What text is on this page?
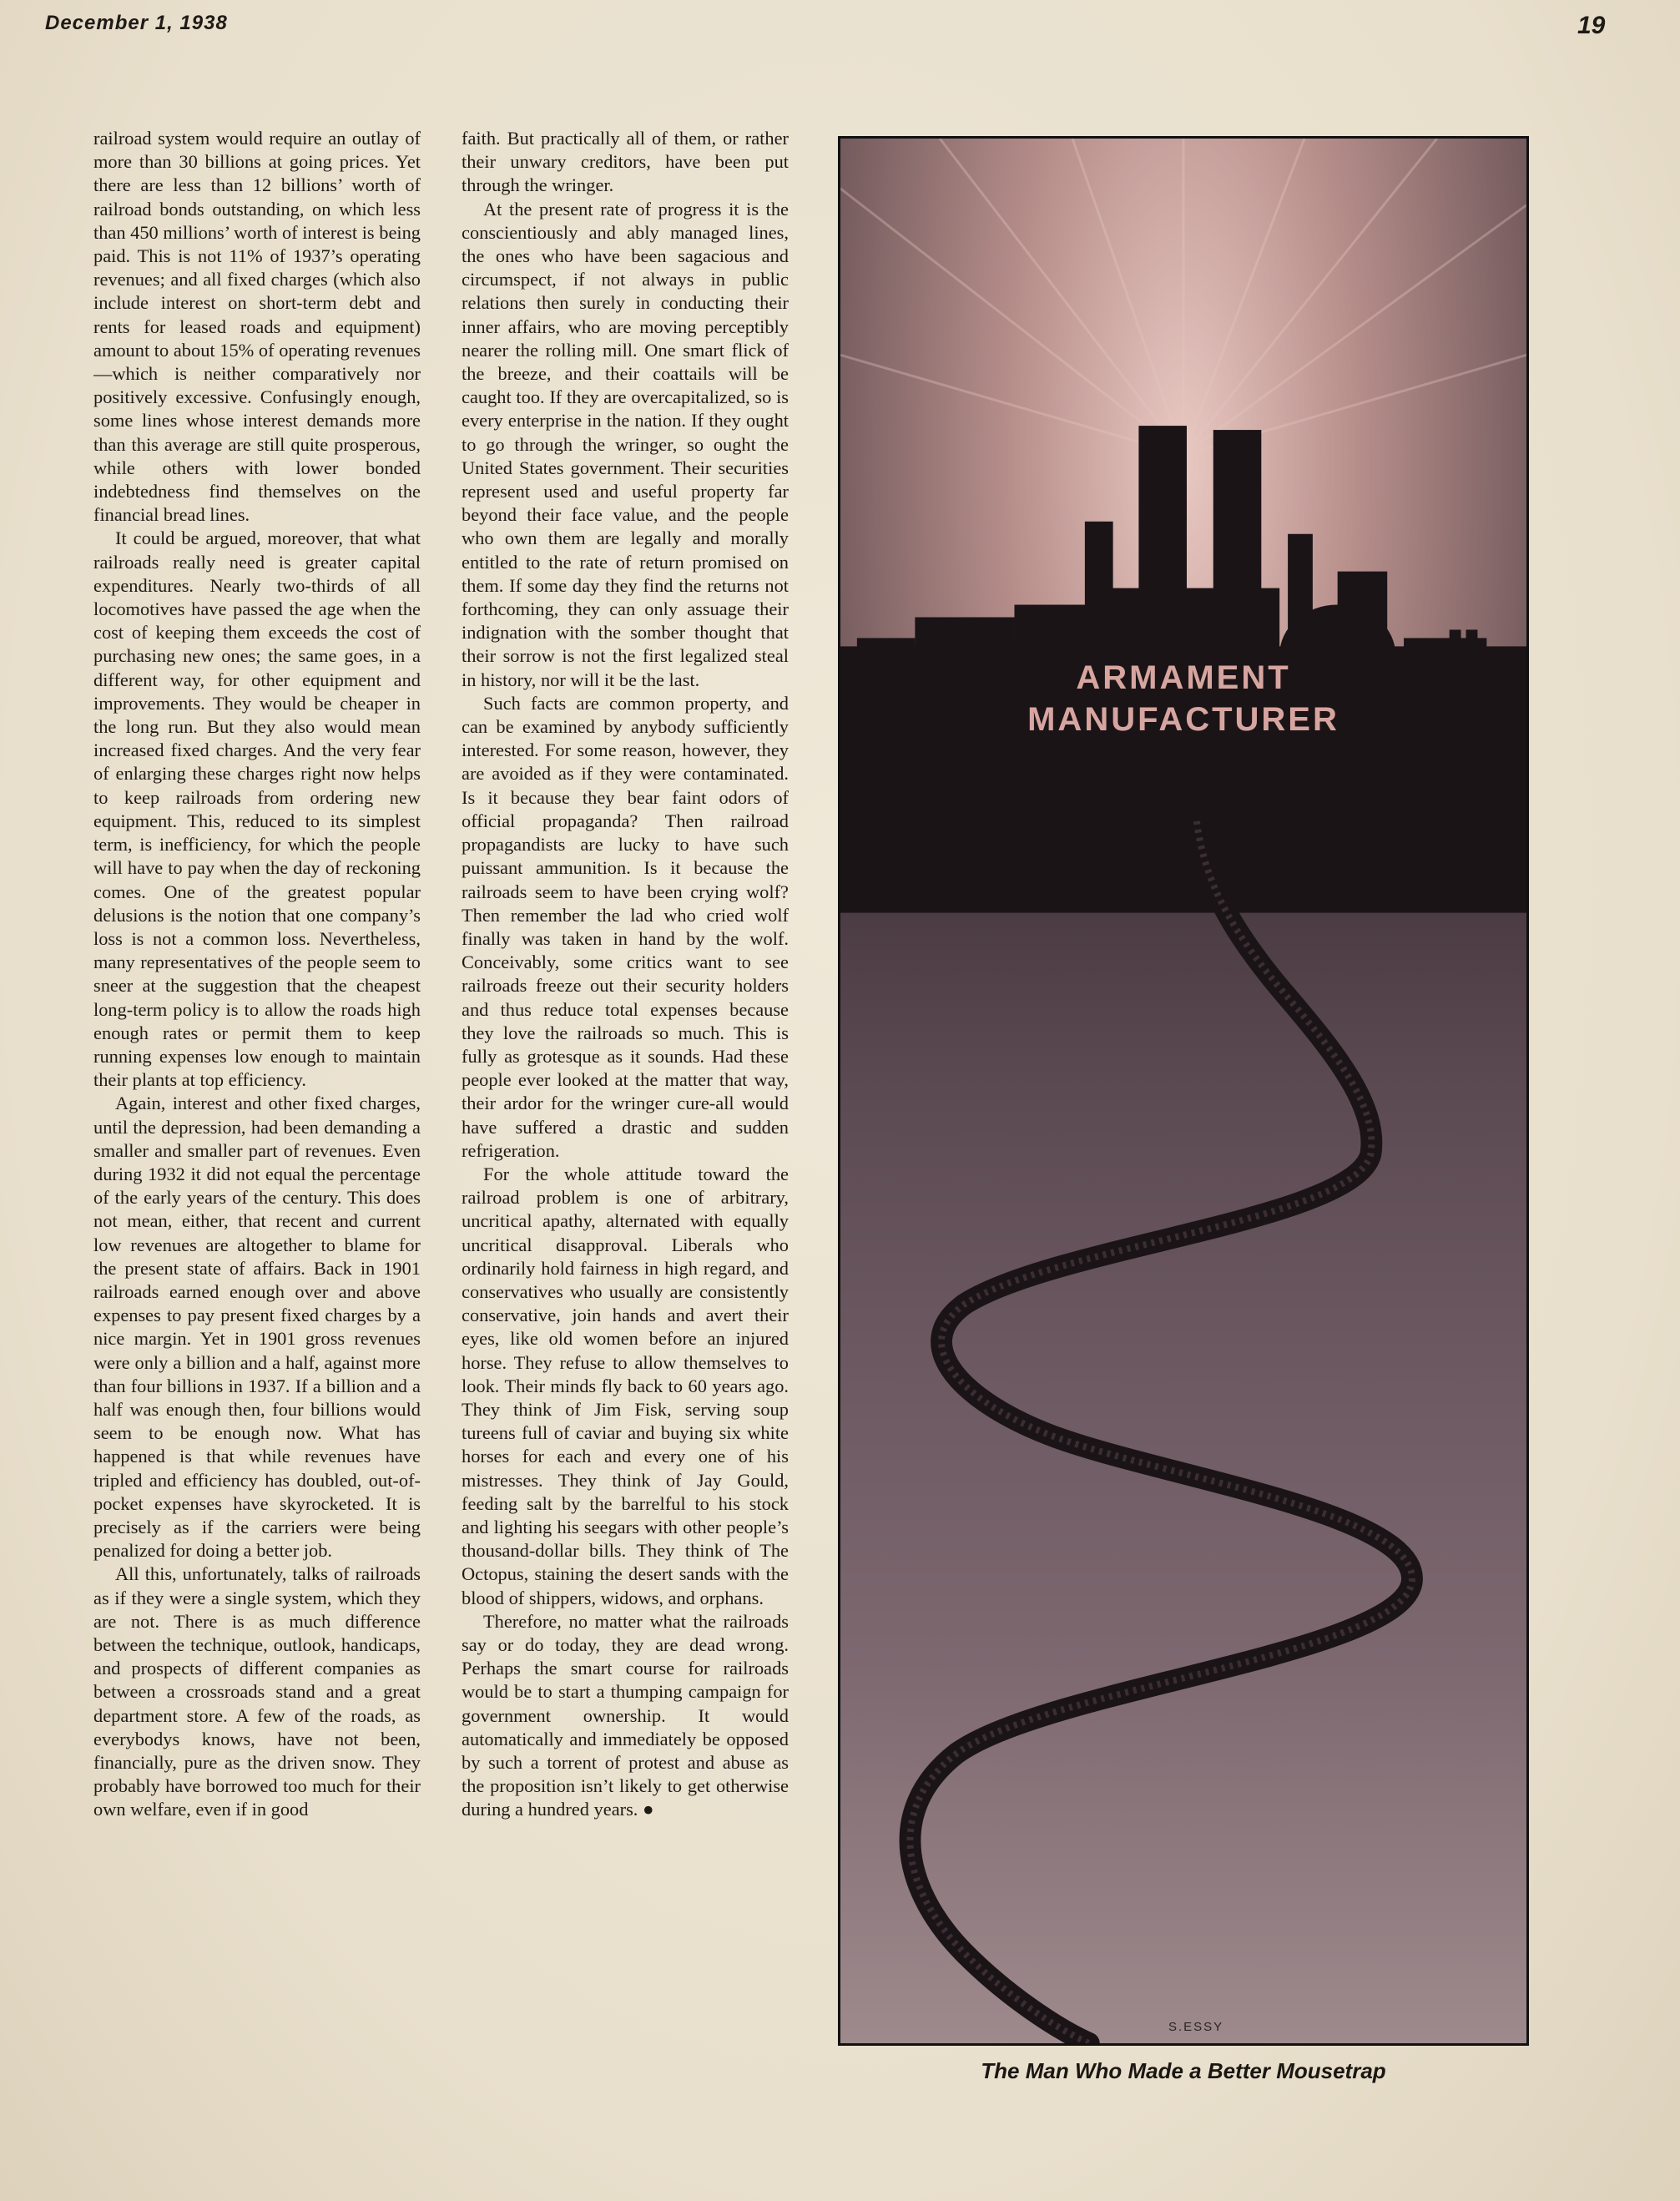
December 1, 1938	19

railroad system would require an outlay of more than 30 billions at going prices. Yet there are less than 12 billions’ worth of railroad bonds outstanding, on which less than 450 millions’ worth of interest is being paid. This is not 11% of 1937’s operating revenues; and all fixed charges (which also include interest on short-term debt and rents for leased roads and equipment) amount to about 15% of operating revenues—which is neither comparatively nor positively excessive. Confusingly enough, some lines whose interest demands more than this average are still quite prosperous, while others with lower bonded indebtedness find themselves on the financial bread lines.

It could be argued, moreover, that what railroads really need is greater capital expenditures. Nearly two-thirds of all locomotives have passed the age when the cost of keeping them exceeds the cost of purchasing new ones; the same goes, in a different way, for other equipment and improvements. They would be cheaper in the long run. But they also would mean increased fixed charges. And the very fear of enlarging these charges right now helps to keep railroads from ordering new equipment. This, reduced to its simplest term, is inefficiency, for which the people will have to pay when the day of reckoning comes. One of the greatest popular delusions is the notion that one company’s loss is not a common loss. Nevertheless, many representatives of the people seem to sneer at the suggestion that the cheapest long-term policy is to allow the roads high enough rates or permit them to keep running expenses low enough to maintain their plants at top efficiency.

Again, interest and other fixed charges, until the depression, had been demanding a smaller and smaller part of revenues. Even during 1932 it did not equal the percentage of the early years of the century. This does not mean, either, that recent and current low revenues are altogether to blame for the present state of affairs. Back in 1901 railroads earned enough over and above expenses to pay present fixed charges by a nice margin. Yet in 1901 gross revenues were only a billion and a half, against more than four billions in 1937. If a billion and a half was enough then, four billions would seem to be enough now. What has happened is that while revenues have tripled and efficiency has doubled, out-of-pocket expenses have skyrocketed. It is precisely as if the carriers were being penalized for doing a better job.

All this, unfortunately, talks of railroads as if they were a single system, which they are not. There is as much difference between the technique, outlook, handicaps, and prospects of different companies as between a crossroads stand and a great department store. A few of the roads, as everybodys knows, have not been, financially, pure as the driven snow. They probably have borrowed too much for their own welfare, even if in good

faith. But practically all of them, or rather their unwary creditors, have been put through the wringer.

At the present rate of progress it is the conscientiously and ably managed lines, the ones who have been sagacious and circumspect, if not always in public relations then surely in conducting their inner affairs, who are moving perceptibly nearer the rolling mill. One smart flick of the breeze, and their coattails will be caught too. If they are overcapitalized, so is every enterprise in the nation. If they ought to go through the wringer, so ought the United States government. Their securities represent used and useful property far beyond their face value, and the people who own them are legally and morally entitled to the rate of return promised on them. If some day they find the returns not forthcoming, they can only assuage their indignation with the somber thought that their sorrow is not the first legalized steal in history, nor will it be the last.

Such facts are common property, and can be examined by anybody sufficiently interested. For some reason, however, they are avoided as if they were contaminated. Is it because they bear faint odors of official propaganda? Then railroad propagandists are lucky to have such puissant ammunition. Is it because the railroads seem to have been crying wolf? Then remember the lad who cried wolf finally was taken in hand by the wolf. Conceivably, some critics want to see railroads freeze out their security holders and thus reduce total expenses because they love the railroads so much. This is fully as grotesque as it sounds. Had these people ever looked at the matter that way, their ardor for the wringer cure-all would have suffered a drastic and sudden refrigeration.

For the whole attitude toward the railroad problem is one of arbitrary, uncritical apathy, alternated with equally uncritical disapproval. Liberals who ordinarily hold fairness in high regard, and conservatives who usually are consistently conservative, join hands and avert their eyes, like old women before an injured horse. They refuse to allow themselves to look. Their minds fly back to 60 years ago. They think of Jim Fisk, serving soup tureens full of caviar and buying six white horses for each and every one of his mistresses. They think of Jay Gould, feeding salt by the barrelful to his stock and lighting his seegars with other people’s thousand-dollar bills. They think of The Octopus, staining the desert sands with the blood of shippers, widows, and orphans.

Therefore, no matter what the railroads say or do today, they are dead wrong. Perhaps the smart course for railroads would be to start a thumping campaign for government ownership. It would automatically and immediately be opposed by such a torrent of protest and abuse as the proposition isn’t likely to get otherwise during a hundred years. ●

ARMAMENT
MANUFACTURER
S.ESSY
The Man Who Made a Better Mousetrap
